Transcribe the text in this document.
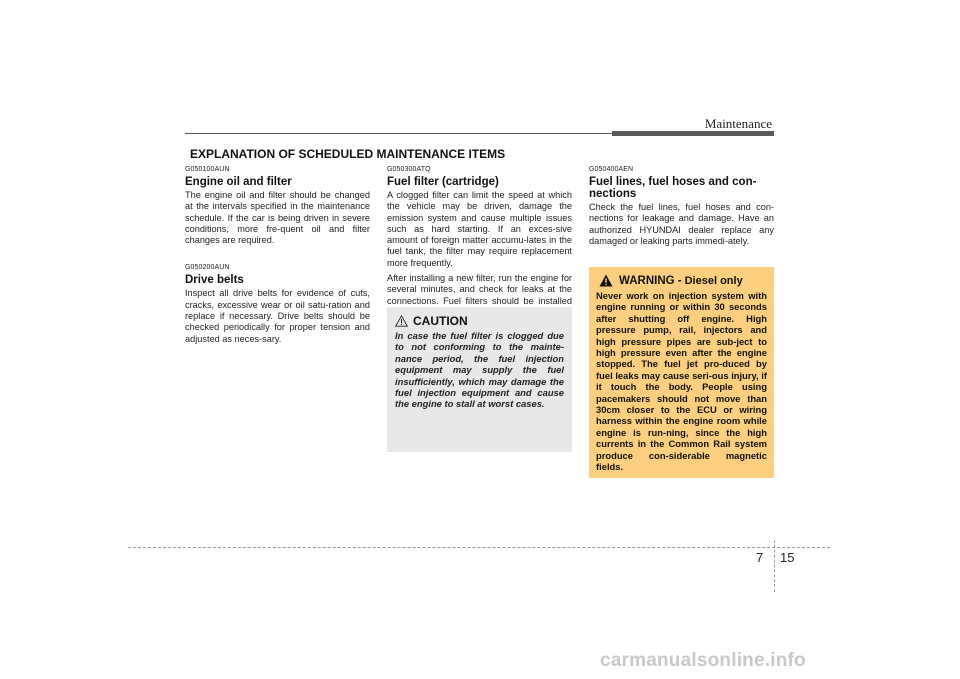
Maintenance
EXPLANATION OF SCHEDULED MAINTENANCE ITEMS

G050100AUN

Engine oil and filter

The engine oil and filter should be changed at the intervals specified in the maintenance schedule. If the car is being driven in severe conditions, more fre-quent oil and filter changes are required.

G050200AUN

Drive belts

Inspect all drive belts for evidence of cuts, cracks, excessive wear or oil satu-ration and replace if necessary. Drive belts should be checked periodically for proper tension and adjusted as neces-sary.

G050300ATQ

Fuel filter (cartridge)

A clogged filter can limit the speed at which the vehicle may be driven, damage the emission system and cause multiple issues such as hard starting. If an exces-sive amount of foreign matter accumu-lates in the fuel tank, the filter may require replacement more frequently.

After installing a new filter, run the engine for several minutes, and check for leaks at the connections. Fuel filters should be installed

CAUTION

In case the fuel filter is clogged due to not conforming to the mainte-nance period, the fuel injection equipment may supply the fuel insufficiently, which may damage the fuel injection equipment and cause the engine to stall at worst cases.

G050400AEN

Fuel lines, fuel hoses and con-nections

Check the fuel lines, fuel hoses and con-nections for leakage and damage. Have an authorized HYUNDAI dealer replace any damaged or leaking parts immedi-ately.

WARNING - Diesel only

Never work on injection system with engine running or within 30 seconds after shutting off engine. High pressure pump, rail, injectors and high pressure pipes are sub-ject to high pressure even after the engine stopped. The fuel jet pro-duced by fuel leaks may cause seri-ous injury, if it touch the body. People using pacemakers should not move than 30cm closer to the ECU or wiring harness within the engine room while engine is run-ning, since the high currents in the Common Rail system produce con-siderable magnetic fields.

7 15
carmanualsonline.info
